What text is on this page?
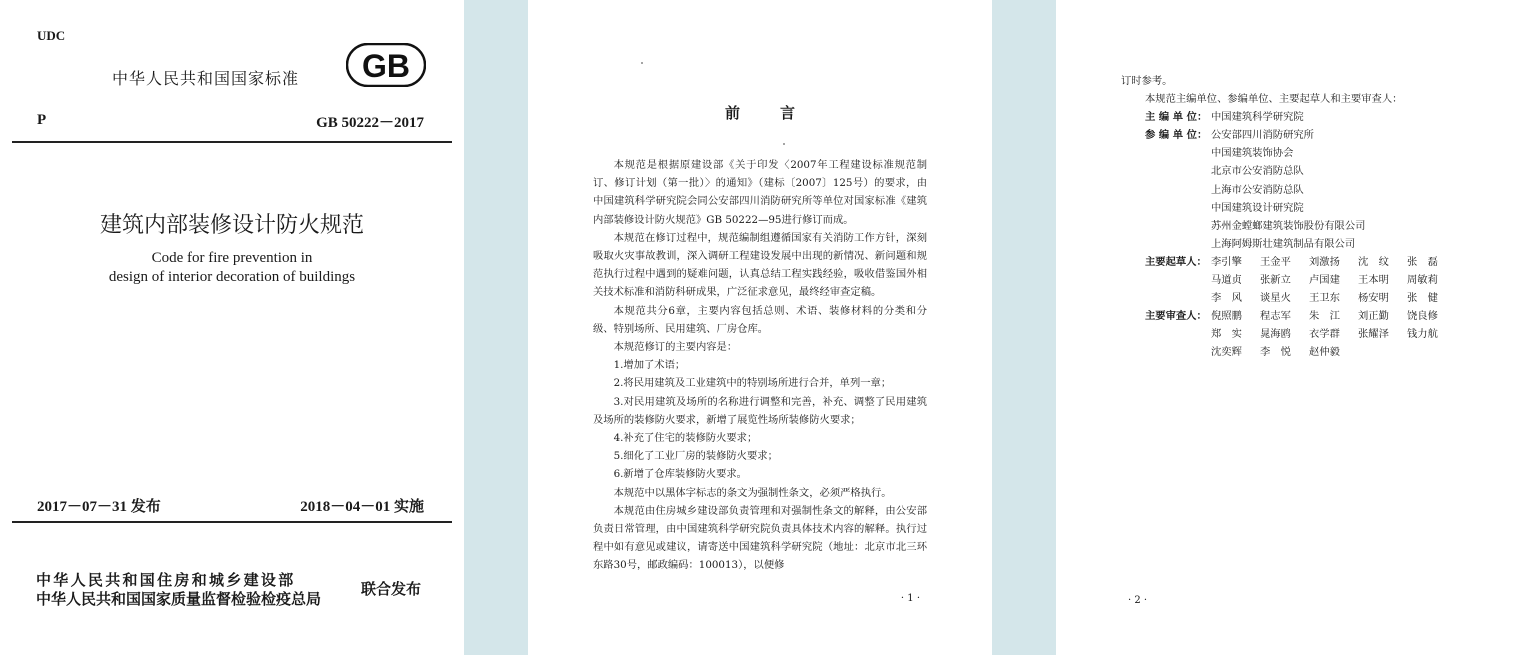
UDC
中华人民共和国国家标准 GB
P	GB 50222－2017
建筑内部装修设计防火规范
Code for fire prevention in
design of interior decoration of buildings
2017－07－31 发布	2018－04－01 实施
中华人民共和国住房和城乡建设部
中华人民共和国国家质量监督检验检疫总局
联合发布
前言

本规范是根据原建设部《关于印发〈2007年工程建设标准规范制订、修订计划（第一批）〉的通知》（建标〔2007〕125号）的要求，由中国建筑科学研究院会同公安部四川消防研究所等单位对国家标准《建筑内部装修设计防火规范》GB 50222—95进行修订而成。

本规范在修订过程中，规范编制组遵循国家有关消防工作方针，深刻吸取火灾事故教训，深入调研工程建设发展中出现的新情况、新问题和规范执行过程中遇到的疑难问题，认真总结工程实践经验，吸收借鉴国外相关技术标准和消防科研成果，广泛征求意见，最终经审查定稿。

本规范共分6章，主要内容包括总则、术语、装修材料的分类和分级、特别场所、民用建筑、厂房仓库。

本规范修订的主要内容是：

1.增加了术语；

2.将民用建筑及工业建筑中的特别场所进行合并，单列一章；

3.对民用建筑及场所的名称进行调整和完善，补充、调整了民用建筑及场所的装修防火要求，新增了展览性场所装修防火要求；

4.补充了住宅的装修防火要求；

5.细化了工业厂房的装修防火要求；

6.新增了仓库装修防火要求。

本规范中以黑体字标志的条文为强制性条文，必须严格执行。

本规范由住房城乡建设部负责管理和对强制性条文的解释，由公安部负责日常管理，由中国建筑科学研究院负责具体技术内容的解释。执行过程中如有意见或建议，请寄送中国建筑科学研究院（地址：北京市北三环东路30号，邮政编码：100013），以便修

· 1 ·
订时参考。
本规范主编单位、参编单位、主要起草人和主要审查人：
主 编 单 位： 中国建筑科学研究院
参 编 单 位： 公安部四川消防研究所
中国建筑装饰协会
北京市公安消防总队
上海市公安消防总队
中国建筑设计研究院
苏州金螳螂建筑装饰股份有限公司
上海阿姆斯壮建筑制品有限公司
主要起草人： 李引擎	王金平	刘激扬	沈　纹	张　磊
马道贞	张新立	卢国建	王本明	周敏莉
李　风	谈星火	王卫东	杨安明	张　健
主要审查人： 倪照鹏	程志军	朱　江	刘正勤	饶良修
郑　实	晁海鸥	衣学群	张耀泽	钱力航
沈奕辉	李　悦	赵仲毅
· 2 ·
